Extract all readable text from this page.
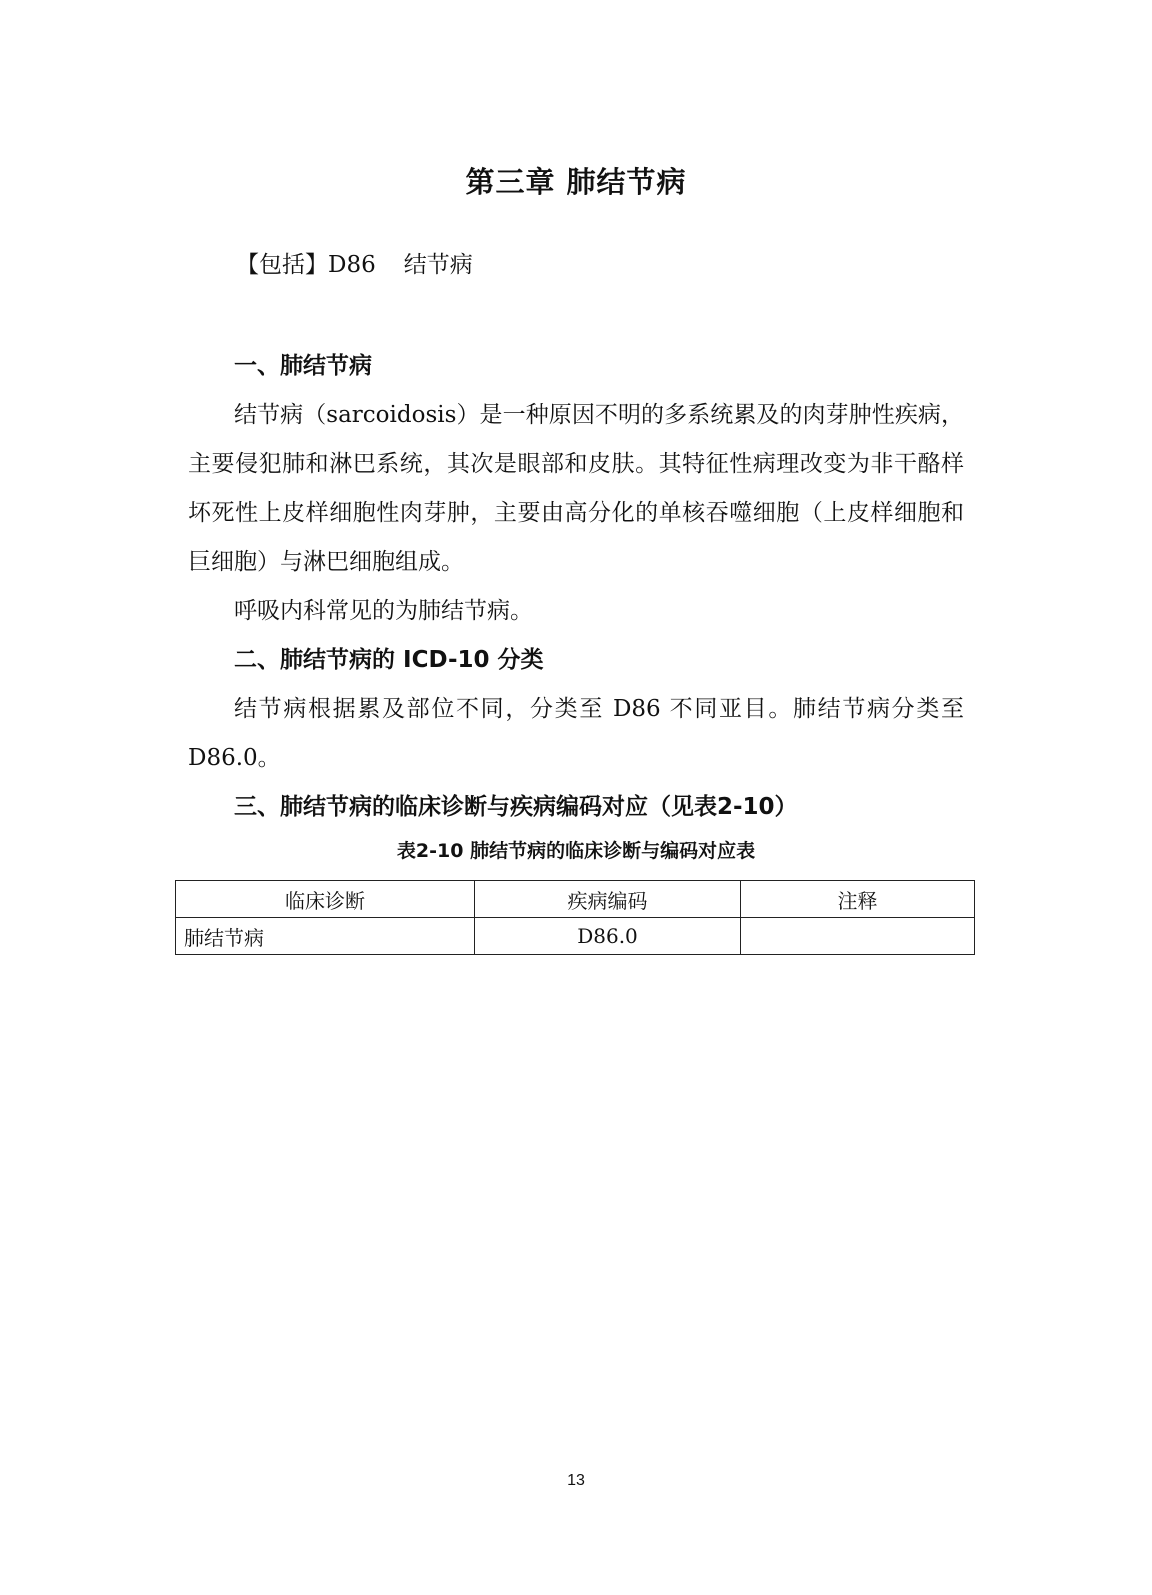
第三章 肺结节病
【包括】D86 结节病
一、肺结节病

结节病（sarcoidosis）是一种原因不明的多系统累及的肉芽肿性疾病，主要侵犯肺和淋巴系统，其次是眼部和皮肤。其特征性病理改变为非干酪样坏死性上皮样细胞性肉芽肿，主要由高分化的单核吞噬细胞（上皮样细胞和巨细胞）与淋巴细胞组成。

呼吸内科常见的为肺结节病。

二、肺结节病的 ICD-10 分类

结节病根据累及部位不同，分类至 D86 不同亚目。肺结节病分类至 D86.0。

三、肺结节病的临床诊断与疾病编码对应（见表2-10）
表2-10 肺结节病的临床诊断与编码对应表
临床诊断	疾病编码	注释
肺结节病	D86.0	
13
